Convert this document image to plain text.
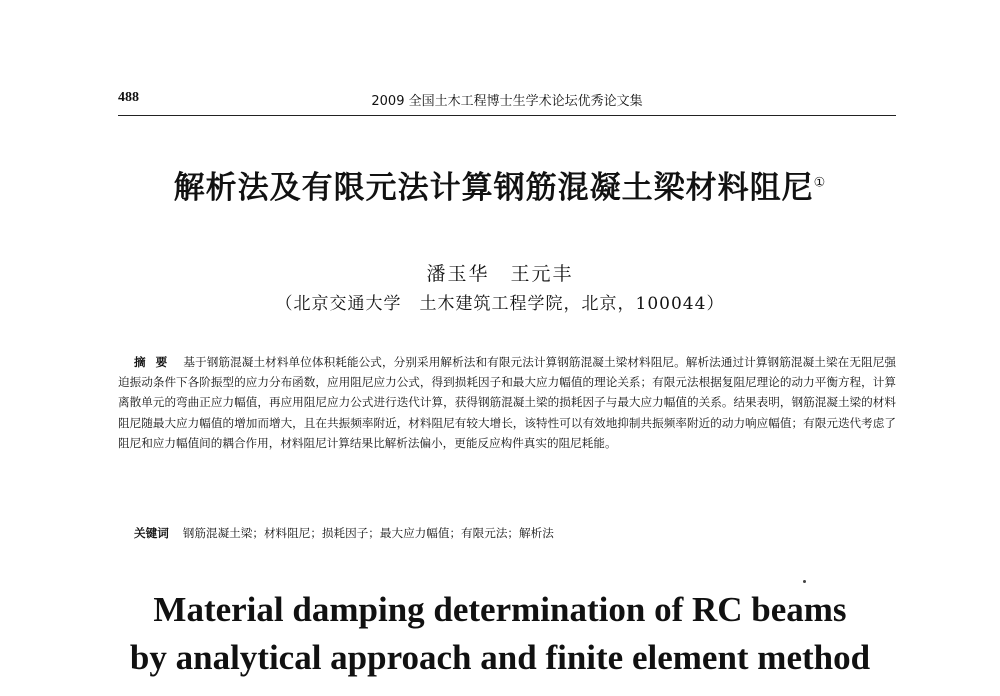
488	2009 全国土木工程博士生学术论坛优秀论文集
解析法及有限元法计算钢筋混凝土梁材料阻尼①
潘玉华　王元丰
（北京交通大学　土木建筑工程学院，北京，100044）
摘要 基于钢筋混凝土材料单位体积耗能公式，分别采用解析法和有限元法计算钢筋混凝土梁材料阻尼。解析法通过计算钢筋混凝土梁在无阻尼强迫振动条件下各阶振型的应力分布函数，应用阻尼应力公式，得到损耗因子和最大应力幅值的理论关系；有限元法根据复阻尼理论的动力平衡方程，计算离散单元的弯曲正应力幅值，再应用阻尼应力公式进行迭代计算，获得钢筋混凝土梁的损耗因子与最大应力幅值的关系。结果表明，钢筋混凝土梁的材料阻尼随最大应力幅值的增加而增大，且在共振频率附近，材料阻尼有较大增长，该特性可以有效地抑制共振频率附近的动力响应幅值；有限元迭代考虑了阻尼和应力幅值间的耦合作用，材料阻尼计算结果比解析法偏小，更能反应构件真实的阻尼耗能。
关键词 钢筋混凝土梁；材料阻尼；损耗因子；最大应力幅值；有限元法；解析法
Material damping determination of RC beams
by analytical approach and finite element method
